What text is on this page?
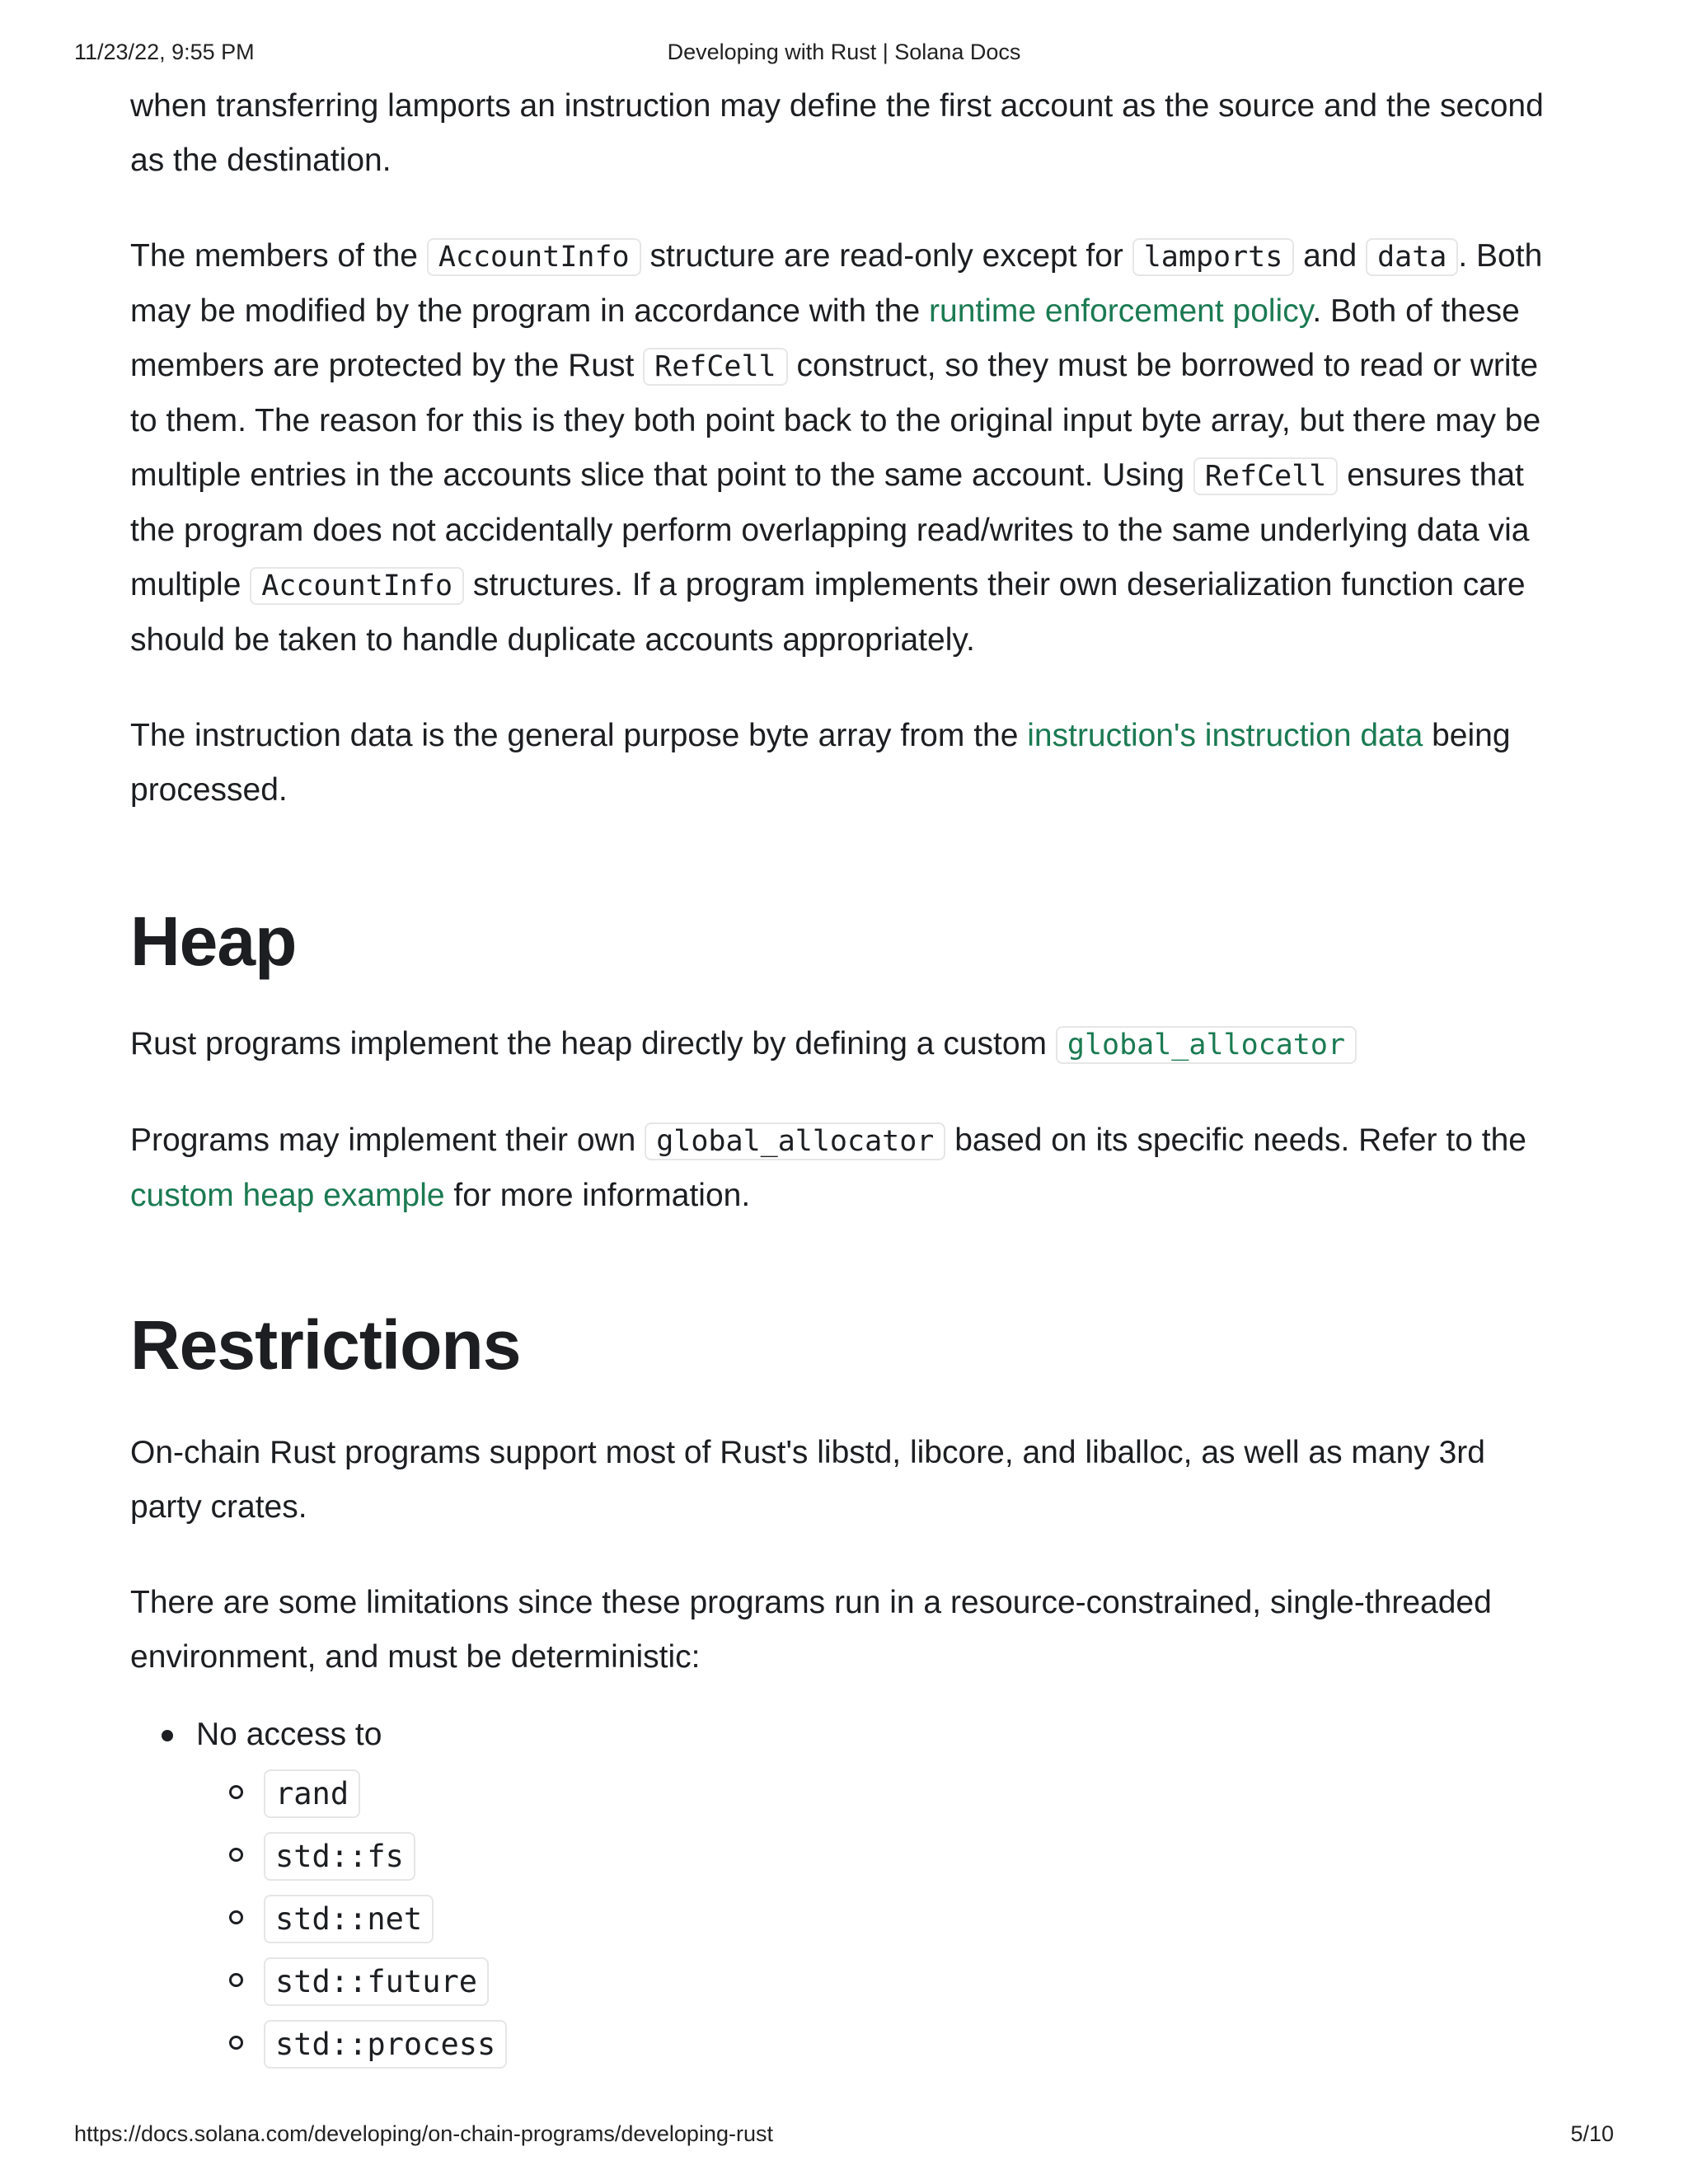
11/23/22, 9:55 PM	Developing with Rust | Solana Docs

when transferring lamports an instruction may define the first account as the source and the second as the destination.

The members of the AccountInfo structure are read-only except for lamports and data . Both may be modified by the program in accordance with the runtime enforcement policy. Both of these members are protected by the Rust RefCell construct, so they must be borrowed to read or write to them. The reason for this is they both point back to the original input byte array, but there may be multiple entries in the accounts slice that point to the same account. Using RefCell ensures that the program does not accidentally perform overlapping read/writes to the same underlying data via multiple AccountInfo structures. If a program implements their own deserialization function care should be taken to handle duplicate accounts appropriately.

The instruction data is the general purpose byte array from the instruction's instruction data being processed.

Heap

Rust programs implement the heap directly by defining a custom global_allocator

Programs may implement their own global_allocator based on its specific needs. Refer to the custom heap example for more information.

Restrictions

On-chain Rust programs support most of Rust's libstd, libcore, and liballoc, as well as many 3rd party crates.

There are some limitations since these programs run in a resource-constrained, single-threaded environment, and must be deterministic:

No access to
rand
std::fs
std::net
std::future
std::process
https://docs.solana.com/developing/on-chain-programs/developing-rust	5/10
